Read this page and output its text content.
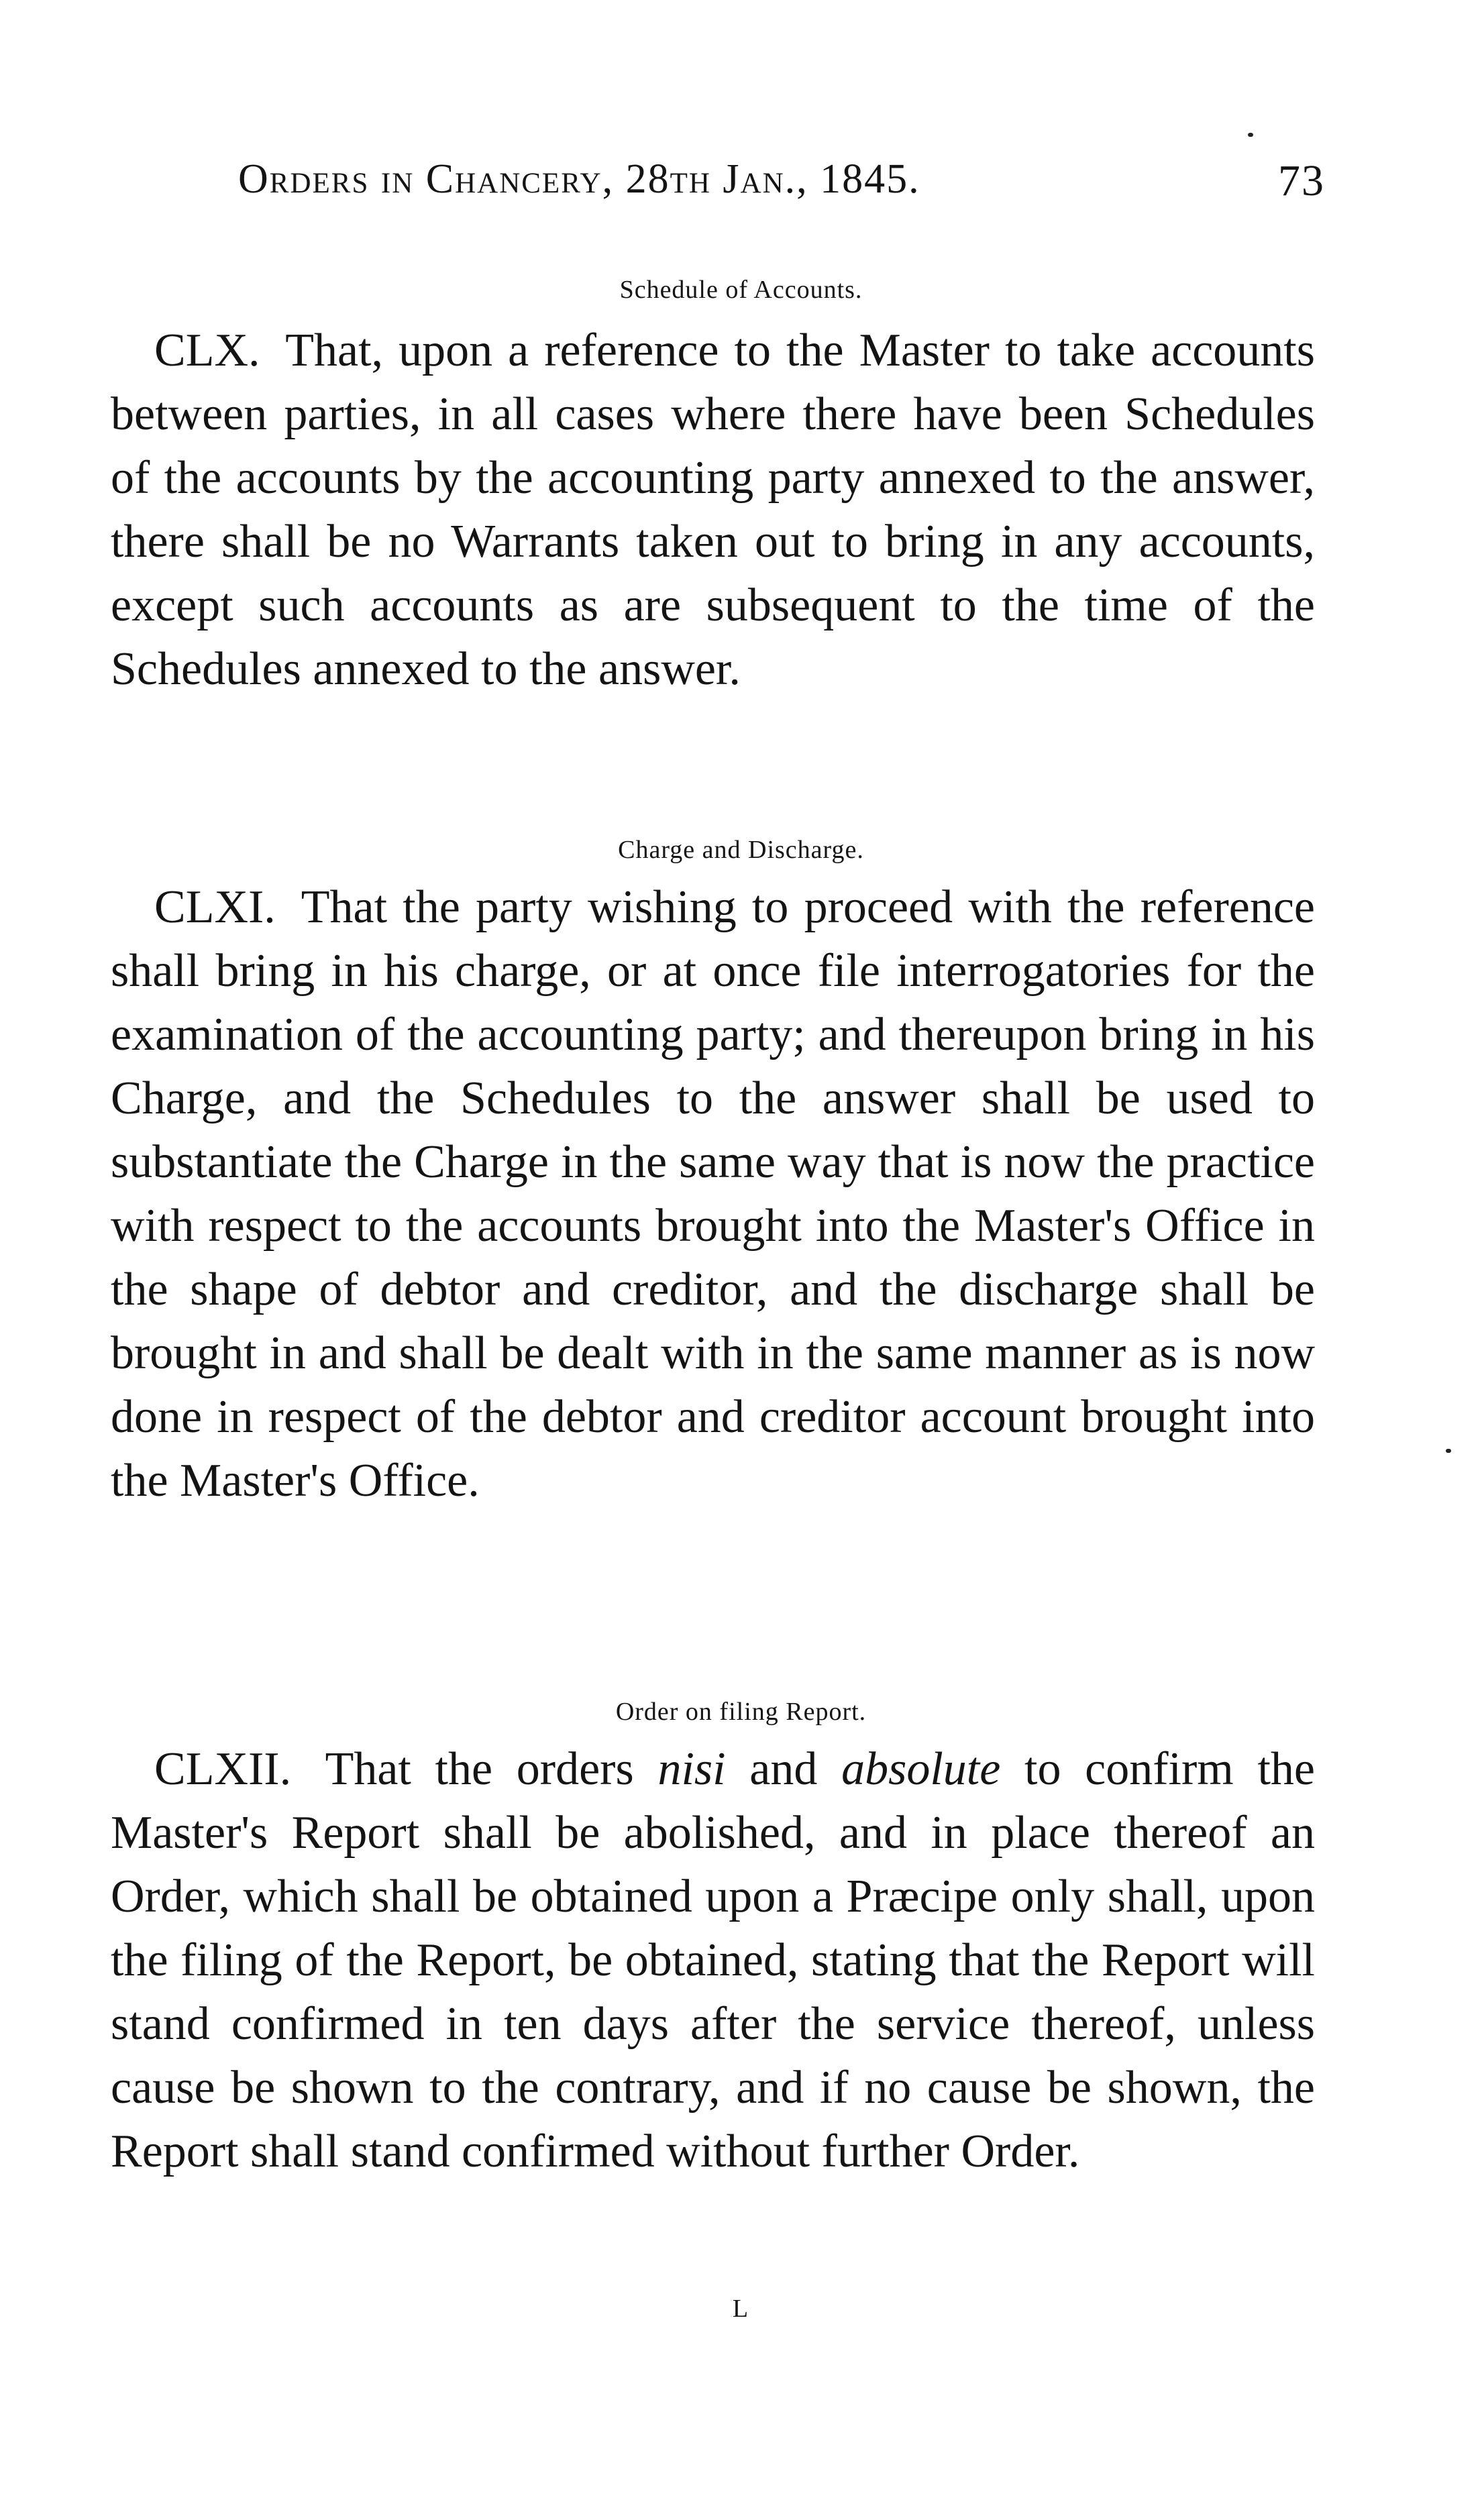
Orders in Chancery, 28th Jan., 1845.	73
Schedule of Accounts.
CLX. That, upon a reference to the Master to take accounts between parties, in all cases where there have been Schedules of the accounts by the accounting party annexed to the answer, there shall be no Warrants taken out to bring in any accounts, except such accounts as are subsequent to the time of the Schedules annexed to the answer.
Charge and Discharge.
CLXI. That the party wishing to proceed with the reference shall bring in his charge, or at once file interrogatories for the examination of the accounting party; and thereupon bring in his Charge, and the Schedules to the answer shall be used to substantiate the Charge in the same way that is now the practice with respect to the accounts brought into the Master's Office in the shape of debtor and creditor, and the discharge shall be brought in and shall be dealt with in the same manner as is now done in respect of the debtor and creditor account brought into the Master's Office.
Order on filing Report.
CLXII. That the orders nisi and absolute to confirm the Master's Report shall be abolished, and in place thereof an Order, which shall be obtained upon a Præcipe only shall, upon the filing of the Report, be obtained, stating that the Report will stand confirmed in ten days after the service thereof, unless cause be shown to the contrary, and if no cause be shown, the Report shall stand confirmed without further Order.
L
